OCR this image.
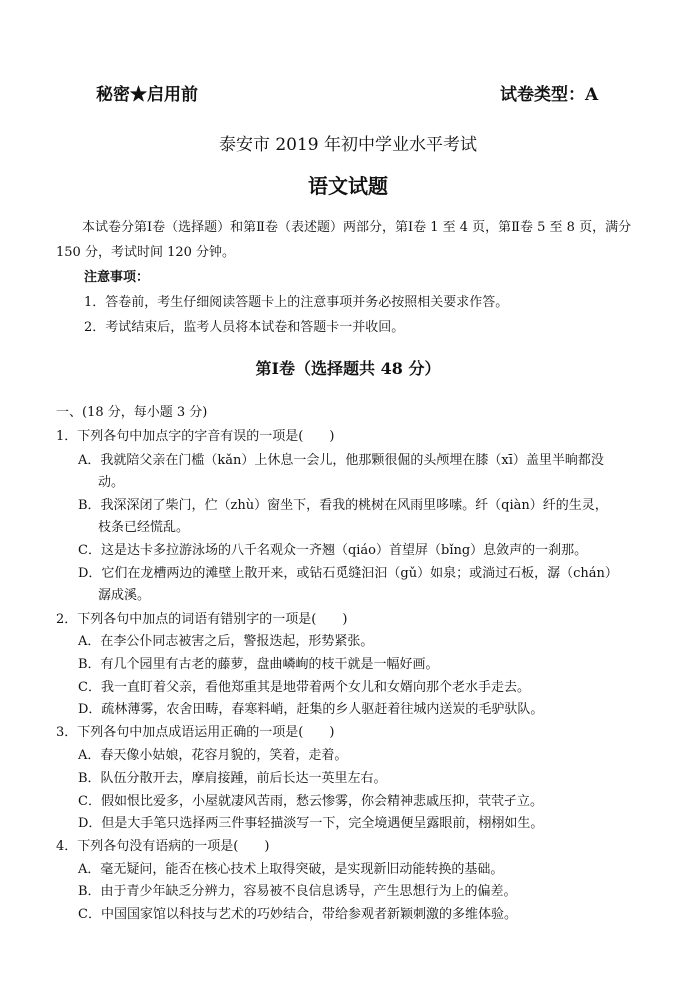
秘密★启用前	试卷类型：A
泰安市 2019 年初中学业水平考试
语文试题
本试卷分第Ⅰ卷（选择题）和第Ⅱ卷（表述题）两部分，第Ⅰ卷 1 至 4 页，第Ⅱ卷 5 至 8 页，满分 150 分，考试时间 120 分钟。
注意事项：
1．答卷前，考生仔细阅读答题卡上的注意事项并务必按照相关要求作答。
2．考试结束后，监考人员将本试卷和答题卡一并收回。
第Ⅰ卷（选择题共 48 分）
一、(18 分，每小题 3 分)
1．下列各句中加点字的字音有误的一项是(　　)
A．我就陪父亲在门槛（kǎn）上休息一会儿，他那颗很倔的头颅埋在膝（xī）盖里半晌都没
动。
B．我深深闭了柴门，伫（zhù）窗坐下，看我的桃树在风雨里哆嗦。纤（qiàn）纤的生灵，
枝条已经慌乱。
C．这是达卡多拉游泳场的八千名观众一齐翘（qiáo）首望屏（bǐng）息敛声的一刹那。
D．它们在龙槽两边的滩壁上散开来，或钻石觅缝汩汩（gǔ）如泉；或淌过石板，潺（chán）
潺成溪。
2．下列各句中加点的词语有错别字的一项是(　　)
A．在李公仆同志被害之后，警报迭起，形势紧张。
B．有几个园里有古老的藤萝，盘曲嶙峋的枝干就是一幅好画。
C．我一直盯着父亲，看他郑重其是地带着两个女儿和女婿向那个老水手走去。
D．疏林薄雾，农舍田畴，春寒料峭，赶集的乡人驱赶着往城内送炭的毛驴驮队。
3．下列各句中加点成语运用正确的一项是(　　)
A．春天像小姑娘，花容月貌的，笑着，走着。
B．队伍分散开去，摩肩接踵，前后长达一英里左右。
C．假如恨比爱多，小屋就凄风苦雨，愁云惨雾，你会精神悲戚压抑，茕茕孑立。
D．但是大手笔只选择两三件事轻描淡写一下，完全境遇便呈露眼前，栩栩如生。
4．下列各句没有语病的一项是(　　)
A．毫无疑问，能否在核心技术上取得突破，是实现新旧动能转换的基础。
B．由于青少年缺乏分辨力，容易被不良信息诱导，产生思想行为上的偏差。
C．中国国家馆以科技与艺术的巧妙结合，带给参观者新颖刺激的多维体验。
